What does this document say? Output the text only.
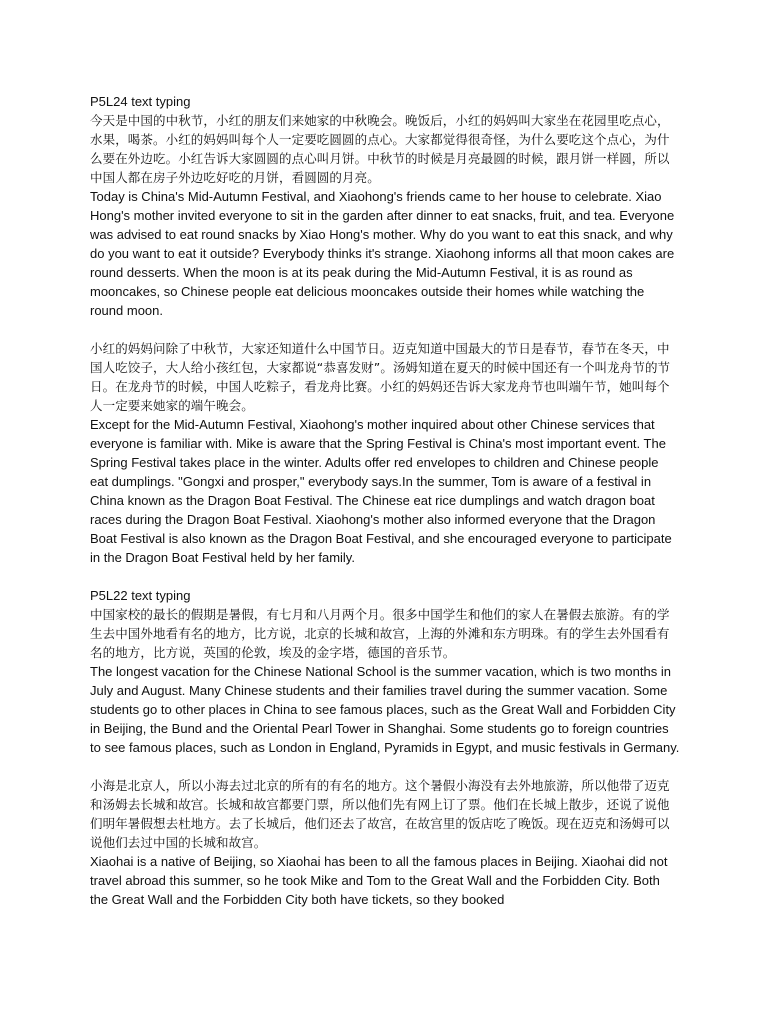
P5L24 text typing

今天是中国的中秋节，小红的朋友们来她家的中秋晚会。晚饭后，小红的妈妈叫大家坐在花园里吃点心，水果，喝茶。小红的妈妈叫每个人一定要吃圆圆的点心。大家都觉得很奇怪，为什么要吃这个点心，为什么要在外边吃。小红告诉大家圆圆的点心叫月饼。中秋节的时候是月亮最圆的时候，跟月饼一样圆，所以中国人都在房子外边吃好吃的月饼，看圆圆的月亮。

Today is China's Mid-Autumn Festival, and Xiaohong's friends came to her house to celebrate. Xiao Hong's mother invited everyone to sit in the garden after dinner to eat snacks, fruit, and tea. Everyone was advised to eat round snacks by Xiao Hong's mother. Why do you want to eat this snack, and why do you want to eat it outside? Everybody thinks it's strange. Xiaohong informs all that moon cakes are round desserts. When the moon is at its peak during the Mid-Autumn Festival, it is as round as mooncakes, so Chinese people eat delicious mooncakes outside their homes while watching the round moon.

小红的妈妈问除了中秋节，大家还知道什么中国节日。迈克知道中国最大的节日是春节，春节在冬天，中国人吃饺子，大人给小孩红包，大家都说“恭喜发财”。汤姆知道在夏天的时候中国还有一个叫龙舟节的节日。在龙舟节的时候，中国人吃粽子，看龙舟比赛。小红的妈妈还告诉大家龙舟节也叫端午节，她叫每个人一定要来她家的端午晚会。

Except for the Mid-Autumn Festival, Xiaohong's mother inquired about other Chinese services that everyone is familiar with. Mike is aware that the Spring Festival is China's most important event. The Spring Festival takes place in the winter. Adults offer red envelopes to children and Chinese people eat dumplings. "Gongxi and prosper," everybody says.In the summer, Tom is aware of a festival in China known as the Dragon Boat Festival. The Chinese eat rice dumplings and watch dragon boat races during the Dragon Boat Festival. Xiaohong's mother also informed everyone that the Dragon Boat Festival is also known as the Dragon Boat Festival, and she encouraged everyone to participate in the Dragon Boat Festival held by her family.

P5L22 text typing

中国家校的最长的假期是暑假，有七月和八月两个月。很多中国学生和他们的家人在暑假去旅游。有的学生去中国外地看有名的地方，比方说，北京的长城和故宫，上海的外滩和东方明珠。有的学生去外国看有名的地方，比方说，英国的伦敦，埃及的金字塔，德国的音乐节。

The longest vacation for the Chinese National School is the summer vacation, which is two months in July and August. Many Chinese students and their families travel during the summer vacation. Some students go to other places in China to see famous places, such as the Great Wall and Forbidden City in Beijing, the Bund and the Oriental Pearl Tower in Shanghai. Some students go to foreign countries to see famous places, such as London in England, Pyramids in Egypt, and music festivals in Germany.

小海是北京人，所以小海去过北京的所有的有名的地方。这个暑假小海没有去外地旅游，所以他带了迈克和汤姆去长城和故宫。长城和故宫都要门票，所以他们先有网上订了票。他们在长城上散步，还说了说他们明年暑假想去杜地方。去了长城后，他们还去了故宫，在故宫里的饭店吃了晚饭。现在迈克和汤姆可以说他们去过中国的长城和故宫。

Xiaohai is a native of Beijing, so Xiaohai has been to all the famous places in Beijing. Xiaohai did not travel abroad this summer, so he took Mike and Tom to the Great Wall and the Forbidden City. Both the Great Wall and the Forbidden City both have tickets, so they booked
